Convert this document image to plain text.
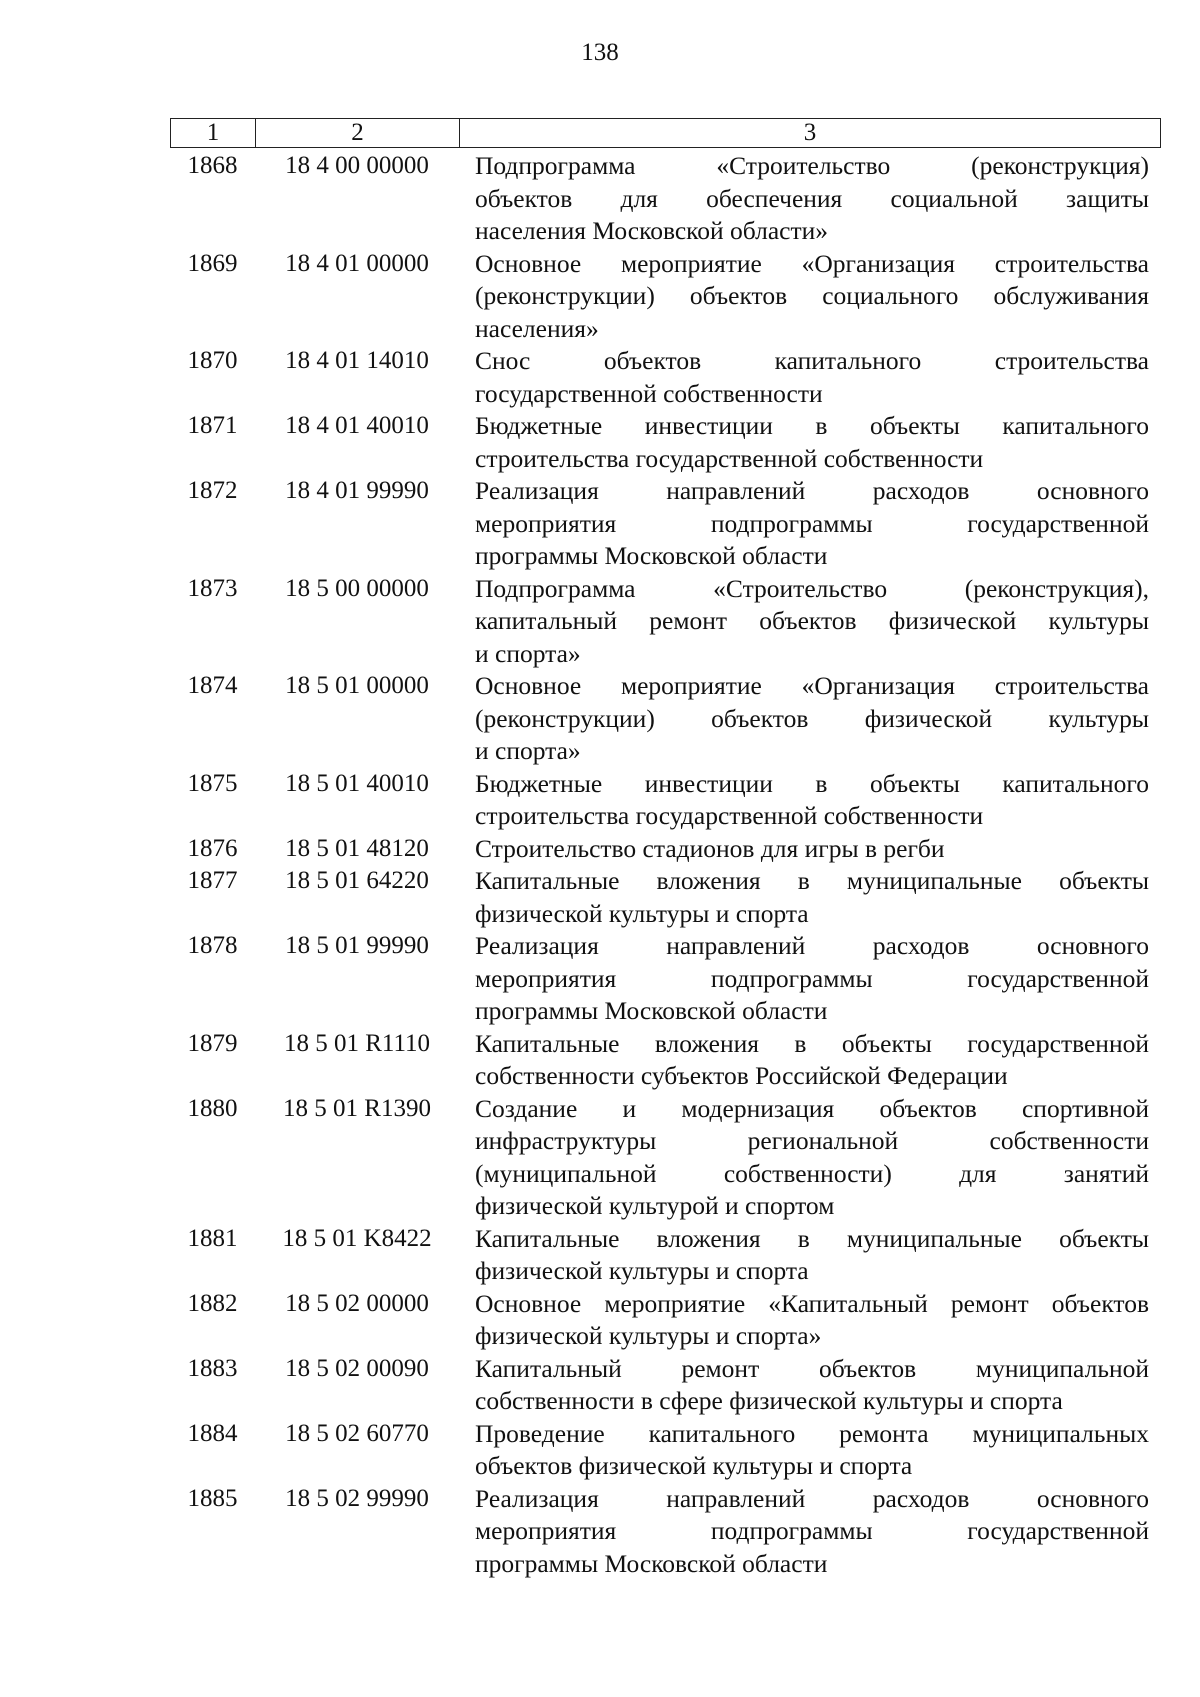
138
1	2	3
1868	18 4 00 00000	Подпрограмма «Строительство (реконструкция)
объектов для обеспечения социальной защиты
населения Московской области»
1869	18 4 01 00000	Основное мероприятие «Организация строительства
(реконструкции) объектов социального обслуживания
населения»
1870	18 4 01 14010	Снос объектов капитального строительства
государственной собственности
1871	18 4 01 40010	Бюджетные инвестиции в объекты капитального
строительства государственной собственности
1872	18 4 01 99990	Реализация направлений расходов основного
мероприятия подпрограммы государственной
программы Московской области
1873	18 5 00 00000	Подпрограмма «Строительство (реконструкция),
капитальный ремонт объектов физической культуры
и спорта»
1874	18 5 01 00000	Основное мероприятие «Организация строительства
(реконструкции) объектов физической культуры
и спорта»
1875	18 5 01 40010	Бюджетные инвестиции в объекты капитального
строительства государственной собственности
1876	18 5 01 48120	Строительство стадионов для игры в регби
1877	18 5 01 64220	Капитальные вложения в муниципальные объекты
физической культуры и спорта
1878	18 5 01 99990	Реализация направлений расходов основного
мероприятия подпрограммы государственной
программы Московской области
1879	18 5 01 R1110	Капитальные вложения в объекты государственной
собственности субъектов Российской Федерации
1880	18 5 01 R1390	Создание и модернизация объектов спортивной
инфраструктуры региональной собственности
(муниципальной собственности) для занятий
физической культурой и спортом
1881	18 5 01 K8422	Капитальные вложения в муниципальные объекты
физической культуры и спорта
1882	18 5 02 00000	Основное мероприятие «Капитальный ремонт объектов
физической культуры и спорта»
1883	18 5 02 00090	Капитальный ремонт объектов муниципальной
собственности в сфере физической культуры и спорта
1884	18 5 02 60770	Проведение капитального ремонта муниципальных
объектов физической культуры и спорта
1885	18 5 02 99990	Реализация направлений расходов основного
мероприятия подпрограммы государственной
программы Московской области
